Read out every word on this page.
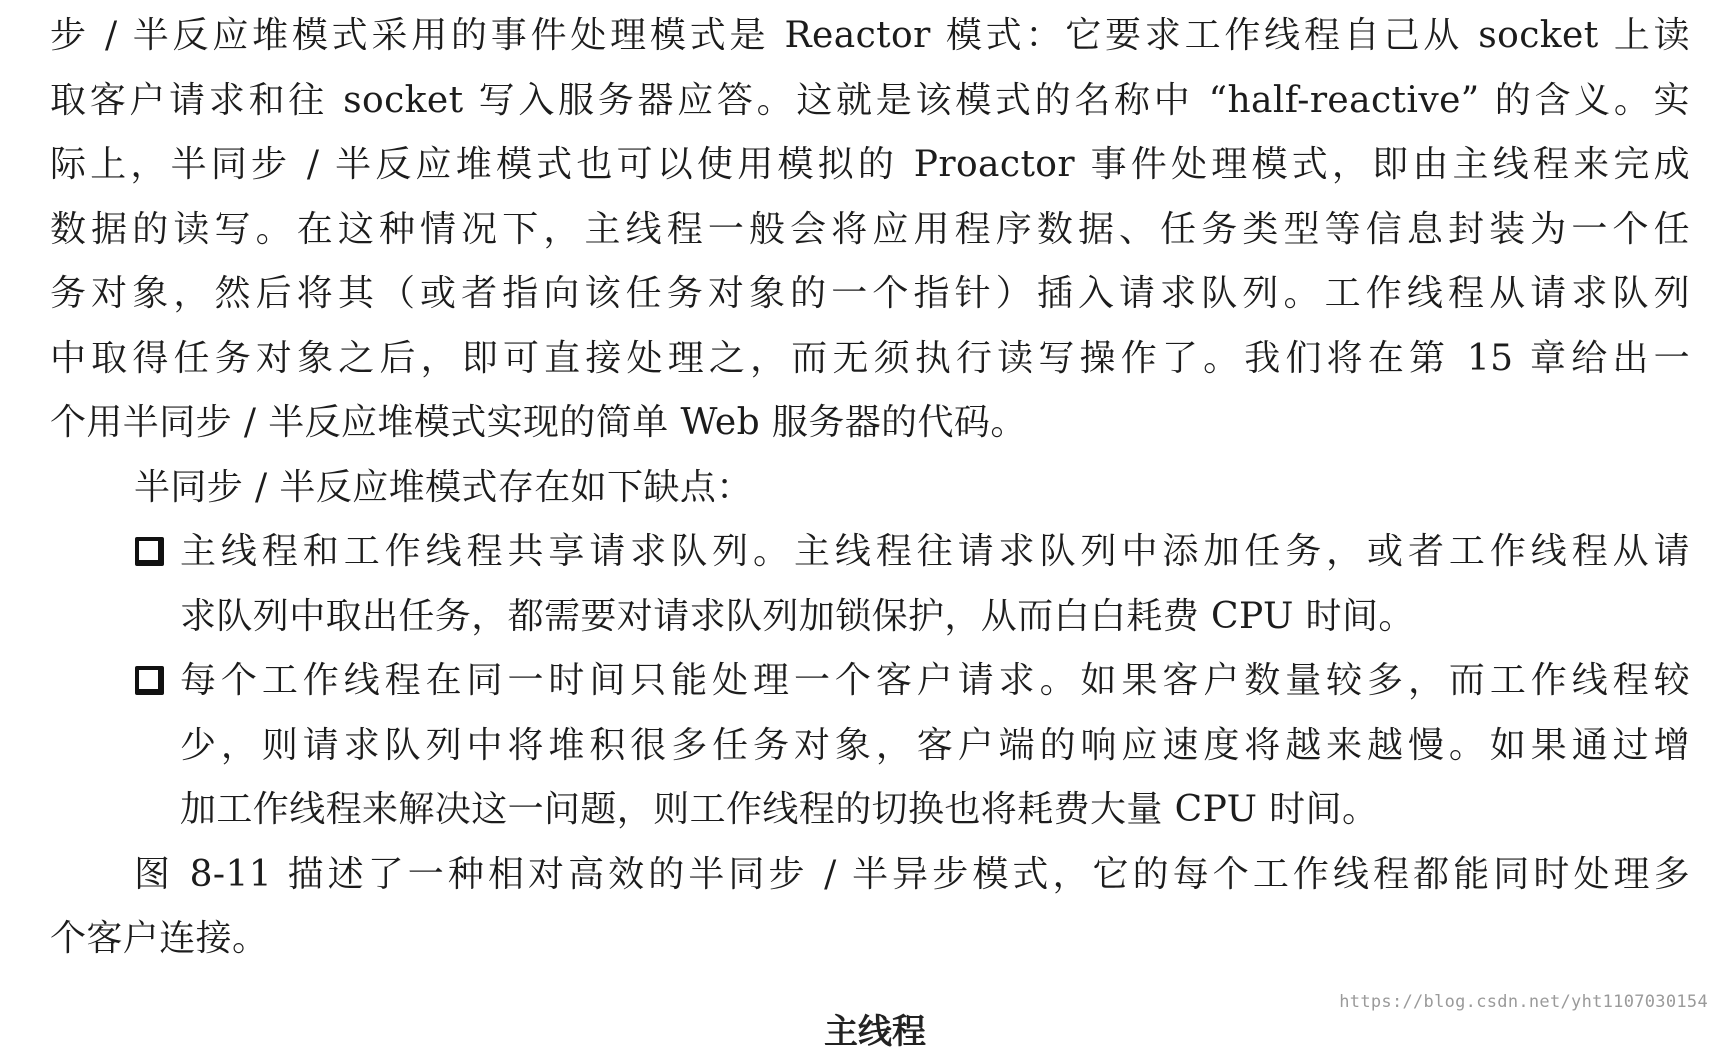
步 / 半反应堆模式采用的事件处理模式是 Reactor 模式：它要求工作线程自己从 socket 上读
取客户请求和往 socket 写入服务器应答。这就是该模式的名称中 “half-reactive” 的含义。实
际上，半同步 / 半反应堆模式也可以使用模拟的 Proactor 事件处理模式，即由主线程来完成
数据的读写。在这种情况下，主线程一般会将应用程序数据、任务类型等信息封装为一个任
务对象，然后将其（或者指向该任务对象的一个指针）插入请求队列。工作线程从请求队列
中取得任务对象之后，即可直接处理之，而无须执行读写操作了。我们将在第 15 章给出一
个用半同步 / 半反应堆模式实现的简单 Web 服务器的代码。
半同步 / 半反应堆模式存在如下缺点：
主线程和工作线程共享请求队列。主线程往请求队列中添加任务，或者工作线程从请
求队列中取出任务，都需要对请求队列加锁保护，从而白白耗费 CPU 时间。
每个工作线程在同一时间只能处理一个客户请求。如果客户数量较多，而工作线程较
少，则请求队列中将堆积很多任务对象，客户端的响应速度将越来越慢。如果通过增
加工作线程来解决这一问题，则工作线程的切换也将耗费大量 CPU 时间。
图 8-11 描述了一种相对高效的半同步 / 半异步模式，它的每个工作线程都能同时处理多
个客户连接。
主线程
https://blog.csdn.net/yht1107030154
